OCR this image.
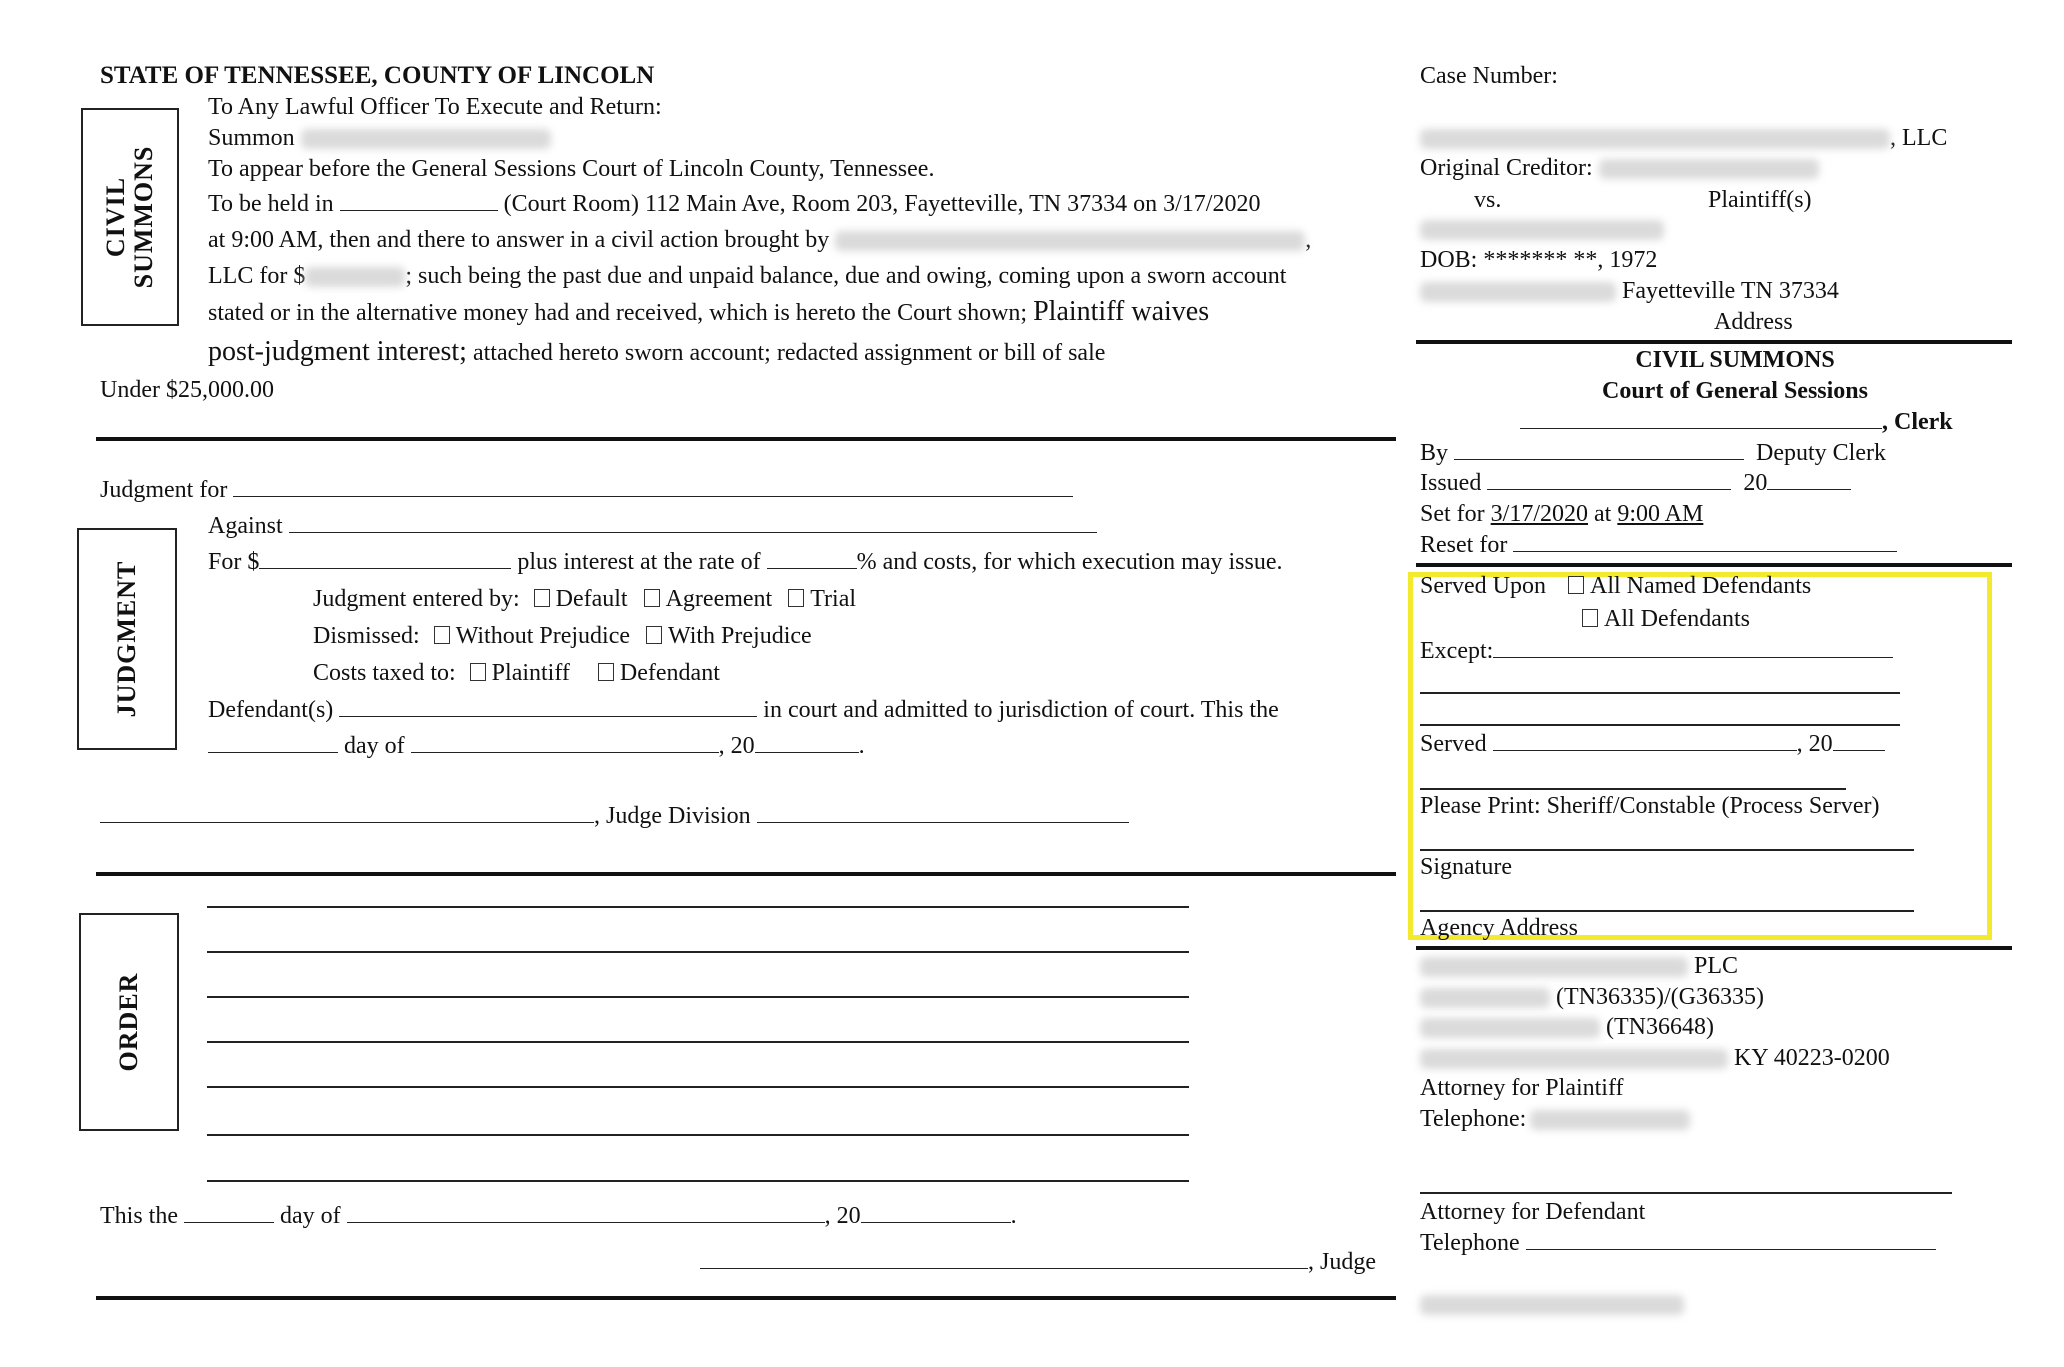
STATE OF TENNESSEE, COUNTY OF LINCOLN
CIVIL SUMMONS
To Any Lawful Officer To Execute and Return:
Summon
To appear before the General Sessions Court of Lincoln County, Tennessee.
To be held in	(Court Room) 112 Main Ave, Room 203, Fayetteville, TN 37334 on 3/17/2020
at 9:00 AM, then and there to answer in a civil action brought by	,
LLC for $	; such being the past due and unpaid balance, due and owing, coming upon a sworn account
stated or in the alternative money had and received, which is hereto the Court shown; Plaintiff waives
post-judgment interest; attached hereto sworn account; redacted assignment or bill of sale
Under $25,000.00
JUDGMENT
Judgment for
Against
For $	plus interest at the rate of	% and costs, for which execution may issue.
Judgment entered by: Default Agreement Trial
Dismissed: Without Prejudice With Prejudice
Costs taxed to: Plaintiff Defendant
Defendant(s)	in court and admitted to jurisdiction of court. This the
day of	, 20	.
, Judge Division
ORDER
This the	day of	, 20	.
, Judge
Case Number:
, LLC
Original Creditor:
vs.	Plaintiff(s)
DOB: ******* **, 1972
Fayetteville TN 37334
Address
CIVIL SUMMONS
Court of General Sessions
, Clerk
By	Deputy Clerk
Issued	20
Set for 3/17/2020 at 9:00 AM
Reset for
Served Upon All Named Defendants
All Defendants
Except:
Served	, 20
Please Print: Sheriff/Constable (Process Server)
Signature
Agency Address
PLC
(TN36335)/(G36335)
(TN36648)
KY 40223-0200
Attorney for Plaintiff
Telephone:
Attorney for Defendant
Telephone
